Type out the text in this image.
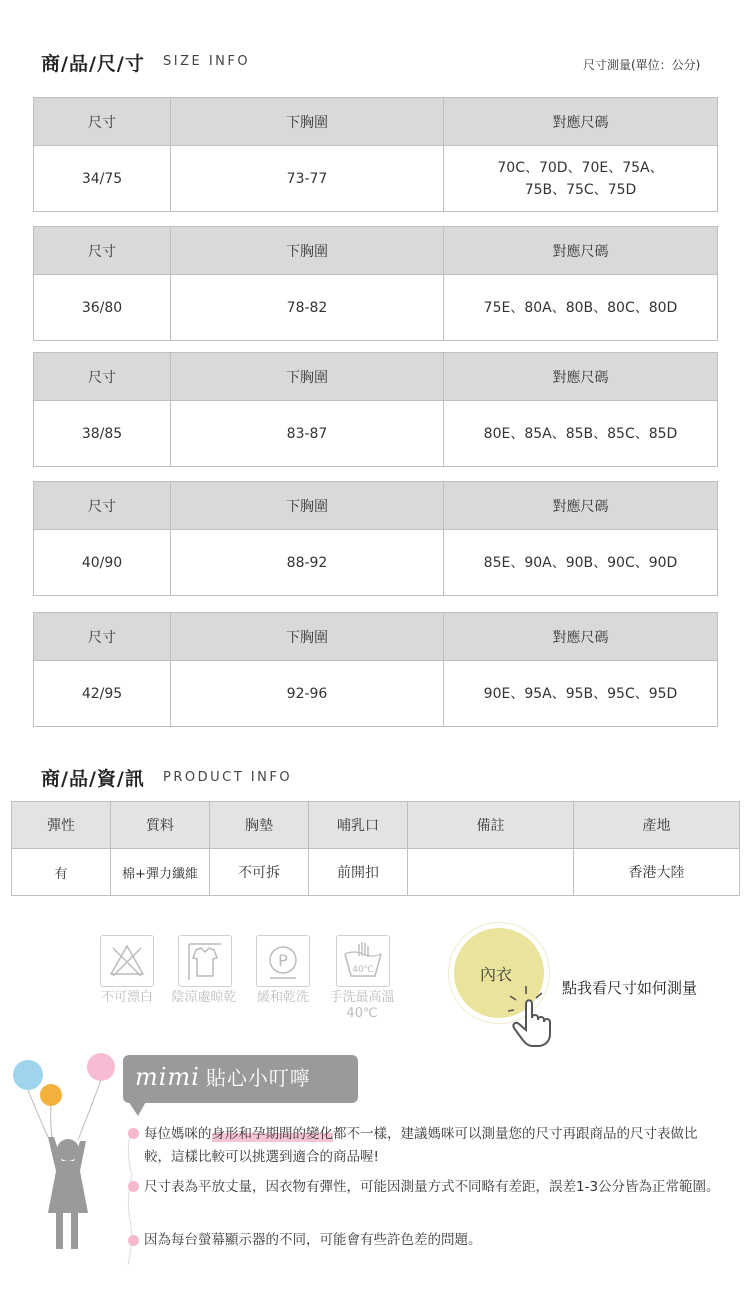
商/品/尺/寸 SIZE INFO	尺寸測量(單位：公分)
尺寸	下胸圍	對應尺碼
34/75	73-77	70C、70D、70E、75A、
75B、75C、75D
尺寸	下胸圍	對應尺碼
36/80	78-82	75E、80A、80B、80C、80D
尺寸	下胸圍	對應尺碼
38/85	83-87	80E、85A、85B、85C、85D
尺寸	下胸圍	對應尺碼
40/90	88-92	85E、90A、90B、90C、90D
尺寸	下胸圍	對應尺碼
42/95	92-96	90E、95A、95B、95C、95D
商/品/資/訊 PRODUCT INFO
彈性	質料	胸墊	哺乳口	備註	產地
有	棉+彈力纖維	不可拆	前開扣		香港大陸
P	40℃
不可漂白	陰涼處晾乾	緩和乾洗	手洗最高溫
40℃
內衣
點我看尺寸如何測量
mimi 貼心小叮嚀
每位媽咪的身形和孕期間的變化都不一樣，建議媽咪可以測量您的尺寸再跟商品的尺寸表做比較，這樣比較可以挑選到適合的商品喔!
尺寸表為平放丈量，因衣物有彈性，可能因測量方式不同略有差距，誤差1-3公分皆為正常範圍。
因為每台螢幕顯示器的不同，可能會有些許色差的問題。
